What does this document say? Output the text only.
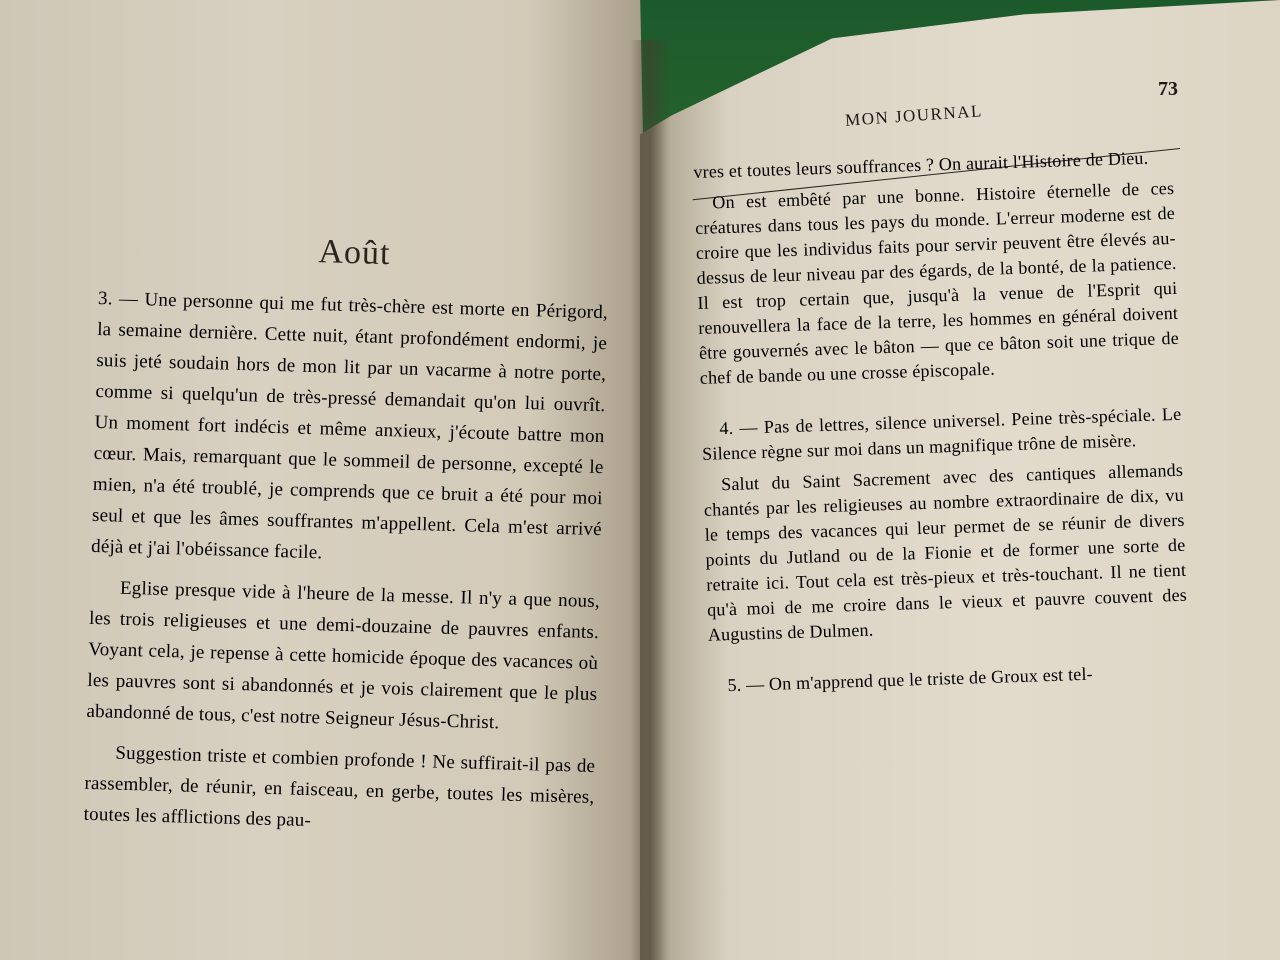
Août

3. — Une personne qui me fut très-chère est morte en Périgord, la semaine dernière. Cette nuit, étant profondément endormi, je suis jeté soudain hors de mon lit par un vacarme à notre porte, comme si quelqu'un de très-pressé demandait qu'on lui ouvrît. Un moment fort indécis et même anxieux, j'écoute battre mon cœur. Mais, remarquant que le sommeil de personne, excepté le mien, n'a été troublé, je comprends que ce bruit a été pour moi seul et que les âmes souffrantes m'appellent. Cela m'est arrivé déjà et j'ai l'obéissance facile.

Eglise presque vide à l'heure de la messe. Il n'y a que nous, les trois religieuses et une demi-douzaine de pauvres enfants. Voyant cela, je repense à cette homicide époque des vacances où les pauvres sont si abandonnés et je vois clairement que le plus abandonné de tous, c'est notre Seigneur Jésus-Christ.

Suggestion triste et combien profonde ! Ne suffirait-il pas de rassembler, de réunir, en faisceau, en gerbe, toutes les misères, toutes les afflictions des pau-

73
MON JOURNAL

vres et toutes leurs souffrances ? On aurait l'Histoire de Dieu.

On est embêté par une bonne. Histoire éternelle de ces créatures dans tous les pays du monde. L'erreur moderne est de croire que les individus faits pour servir peuvent être élevés au-dessus de leur niveau par des égards, de la bonté, de la patience. Il est trop certain que, jusqu'à la venue de l'Esprit qui renouvellera la face de la terre, les hommes en général doivent être gouvernés avec le bâton — que ce bâton soit une trique de chef de bande ou une crosse épiscopale.

4. — Pas de lettres, silence universel. Peine très-spéciale. Le Silence règne sur moi dans un magnifique trône de misère.

Salut du Saint Sacrement avec des cantiques allemands chantés par les religieuses au nombre extraordinaire de dix, vu le temps des vacances qui leur permet de se réunir de divers points du Jutland ou de la Fionie et de former une sorte de retraite ici. Tout cela est très-pieux et très-touchant. Il ne tient qu'à moi de me croire dans le vieux et pauvre couvent des Augustins de Dulmen.

5. — On m'apprend que le triste de Groux est tel-
